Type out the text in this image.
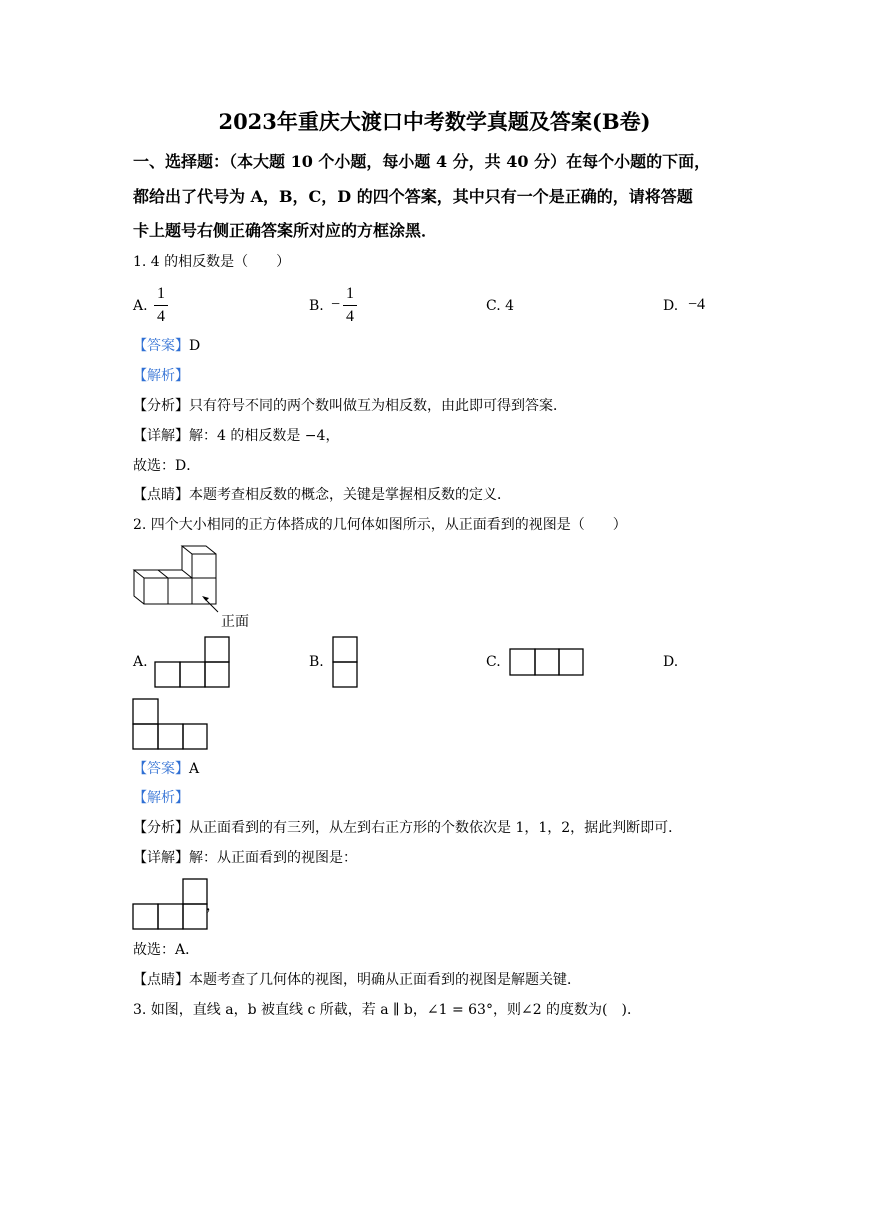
2023年重庆大渡口中考数学真题及答案(B卷)
一、选择题：（本大题 10 个小题，每小题 4 分，共 40 分）在每个小题的下面，
都给出了代号为 A，B，C，D 的四个答案，其中只有一个是正确的，请将答题
卡上题号右侧正确答案所对应的方框涂黑．
1. 4 的相反数是（　　）
A.
1
4
B. −
1
4
C. 4	D. −4
【答案】D
【解析】
【分析】只有符号不同的两个数叫做互为相反数，由此即可得到答案．
【详解】解：4 的相反数是 −4，
故选：D．
【点睛】本题考查相反数的概念，关键是掌握相反数的定义．
2. 四个大小相同的正方体搭成的几何体如图所示，从正面看到的视图是（　　）
正面
A.	B.	C.	D.
【答案】A
【解析】
【分析】从正面看到的有三列，从左到右正方形的个数依次是 1，1，2，据此判断即可．
【详解】解：从正面看到的视图是：
，
故选：A．
【点睛】本题考查了几何体的视图，明确从正面看到的视图是解题关键．
3. 如图，直线 a，b 被直线 c 所截，若 a ∥ b，∠1 = 63°，则∠2 的度数为(　)．
